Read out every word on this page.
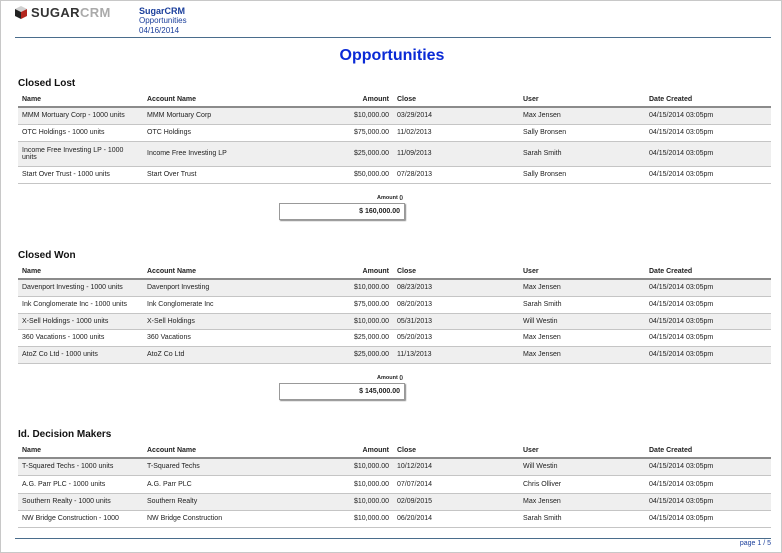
SUGARCRM	SugarCRM
Opportunities
04/16/2014
Opportunities
Closed Lost
Name	Account Name	Amount	Close	User	Date Created
MMM Mortuary Corp - 1000 units	MMM Mortuary Corp	$10,000.00	03/29/2014	Max Jensen	04/15/2014 03:05pm
OTC Holdings - 1000 units	OTC Holdings	$75,000.00	11/02/2013	Sally Bronsen	04/15/2014 03:05pm
Income Free Investing LP - 1000 units	Income Free Investing LP	$25,000.00	11/09/2013	Sarah Smith	04/15/2014 03:05pm
Start Over Trust - 1000 units	Start Over Trust	$50,000.00	07/28/2013	Sally Bronsen	04/15/2014 03:05pm
Closed Won
Name	Account Name	Amount	Close	User	Date Created
Davenport Investing - 1000 units	Davenport Investing	$10,000.00	08/23/2013	Max Jensen	04/15/2014 03:05pm
Ink Conglomerate Inc - 1000 units	Ink Conglomerate Inc	$75,000.00	08/20/2013	Sarah Smith	04/15/2014 03:05pm
X-Sell Holdings - 1000 units	X-Sell Holdings	$10,000.00	05/31/2013	Will Westin	04/15/2014 03:05pm
360 Vacations - 1000 units	360 Vacations	$25,000.00	05/20/2013	Max Jensen	04/15/2014 03:05pm
AtoZ Co Ltd - 1000 units	AtoZ Co Ltd	$25,000.00	11/13/2013	Max Jensen	04/15/2014 03:05pm
Id. Decision Makers
Name	Account Name	Amount	Close	User	Date Created
T-Squared Techs - 1000 units	T-Squared Techs	$10,000.00	10/12/2014	Will Westin	04/15/2014 03:05pm
A.G. Parr PLC - 1000 units	A.G. Parr PLC	$10,000.00	07/07/2014	Chris Olliver	04/15/2014 03:05pm
Southern Realty - 1000 units	Southern Realty	$10,000.00	02/09/2015	Max Jensen	04/15/2014 03:05pm
NW Bridge Construction - 1000	NW Bridge Construction	$10,000.00	06/20/2014	Sarah Smith	04/15/2014 03:05pm
page 1 / 5
Amount ()
$ 160,000.00
Amount ()
$ 145,000.00
